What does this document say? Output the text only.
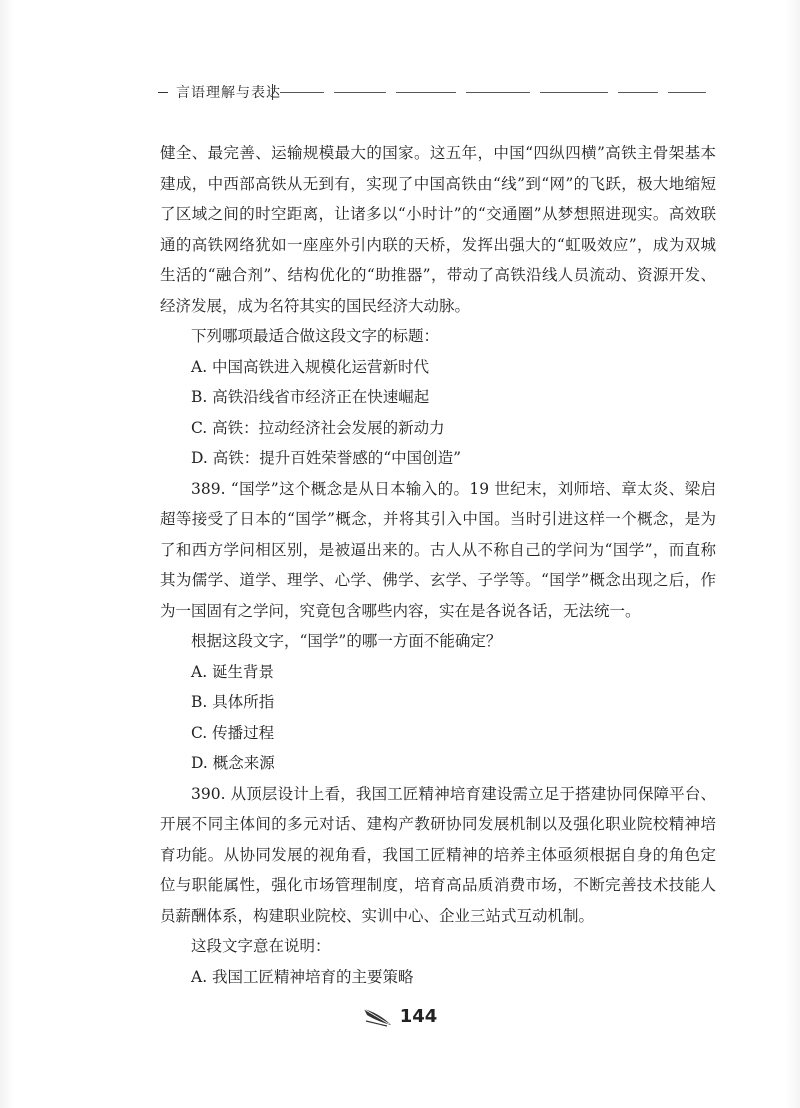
言语理解与表达

健全、最完善、运输规模最大的国家。这五年，中国“四纵四横”高铁主骨架基本建成，中西部高铁从无到有，实现了中国高铁由“线”到“网”的飞跃，极大地缩短了区域之间的时空距离，让诸多以“小时计”的“交通圈”从梦想照进现实。高效联通的高铁网络犹如一座座外引内联的天桥，发挥出强大的“虹吸效应”，成为双城生活的“融合剂”、结构优化的“助推器”，带动了高铁沿线人员流动、资源开发、经济发展，成为名符其实的国民经济大动脉。

下列哪项最适合做这段文字的标题：

A. 中国高铁进入规模化运营新时代

B. 高铁沿线省市经济正在快速崛起

C. 高铁：拉动经济社会发展的新动力

D. 高铁：提升百姓荣誉感的“中国创造”

389. “国学”这个概念是从日本输入的。19 世纪末，刘师培、章太炎、梁启超等接受了日本的“国学”概念，并将其引入中国。当时引进这样一个概念，是为了和西方学问相区别，是被逼出来的。古人从不称自己的学问为“国学”，而直称其为儒学、道学、理学、心学、佛学、玄学、子学等。“国学”概念出现之后，作为一国固有之学问，究竟包含哪些内容，实在是各说各话，无法统一。

根据这段文字，“国学”的哪一方面不能确定？

A. 诞生背景

B. 具体所指

C. 传播过程

D. 概念来源

390. 从顶层设计上看，我国工匠精神培育建设需立足于搭建协同保障平台、开展不同主体间的多元对话、建构产教研协同发展机制以及强化职业院校精神培育功能。从协同发展的视角看，我国工匠精神的培养主体亟须根据自身的角色定位与职能属性，强化市场管理制度，培育高品质消费市场，不断完善技术技能人员薪酬体系，构建职业院校、实训中心、企业三站式互动机制。

这段文字意在说明：

A. 我国工匠精神培育的主要策略

144
